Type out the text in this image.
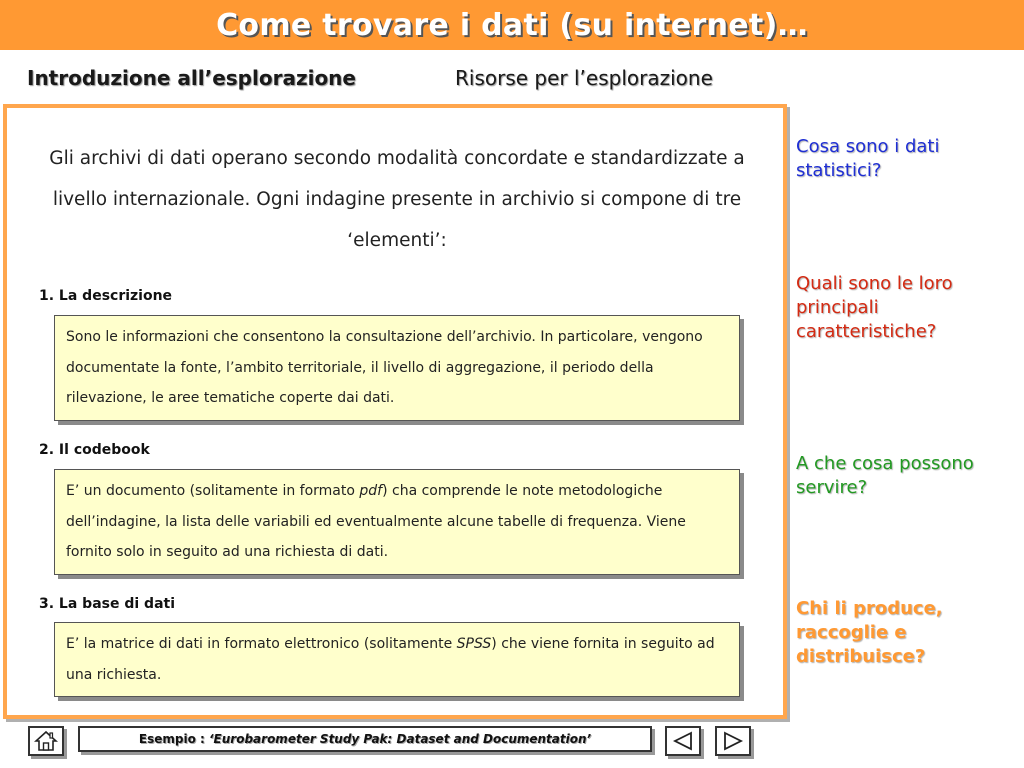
Come trovare i dati (su internet)…
Introduzione all’esplorazione	Risorse per l’esplorazione
Gli archivi di dati operano secondo modalità concordate e standardizzate a livello internazionale. Ogni indagine presente in archivio si compone di tre ‘elementi’:
1. La descrizione
Sono le informazioni che consentono la consultazione dell’archivio. In particolare, vengono documentate la fonte, l’ambito territoriale, il livello di aggregazione, il periodo della rilevazione, le aree tematiche coperte dai dati.
2. Il codebook
E’ un documento (solitamente in formato pdf) cha comprende le note metodologiche dell’indagine, la lista delle variabili ed eventualmente alcune tabelle di frequenza. Viene fornito solo in seguito ad una richiesta di dati.
3. La base di dati
E’ la matrice di dati in formato elettronico (solitamente SPSS) che viene fornita in seguito ad una richiesta.
Cosa sono i dati statistici?
Quali sono le loro principali caratteristiche?
A che cosa possono servire?
Chi li produce, raccoglie e distribuisce?
Esempio :
‘Eurobarometer Study Pak: Dataset and Documentation’
